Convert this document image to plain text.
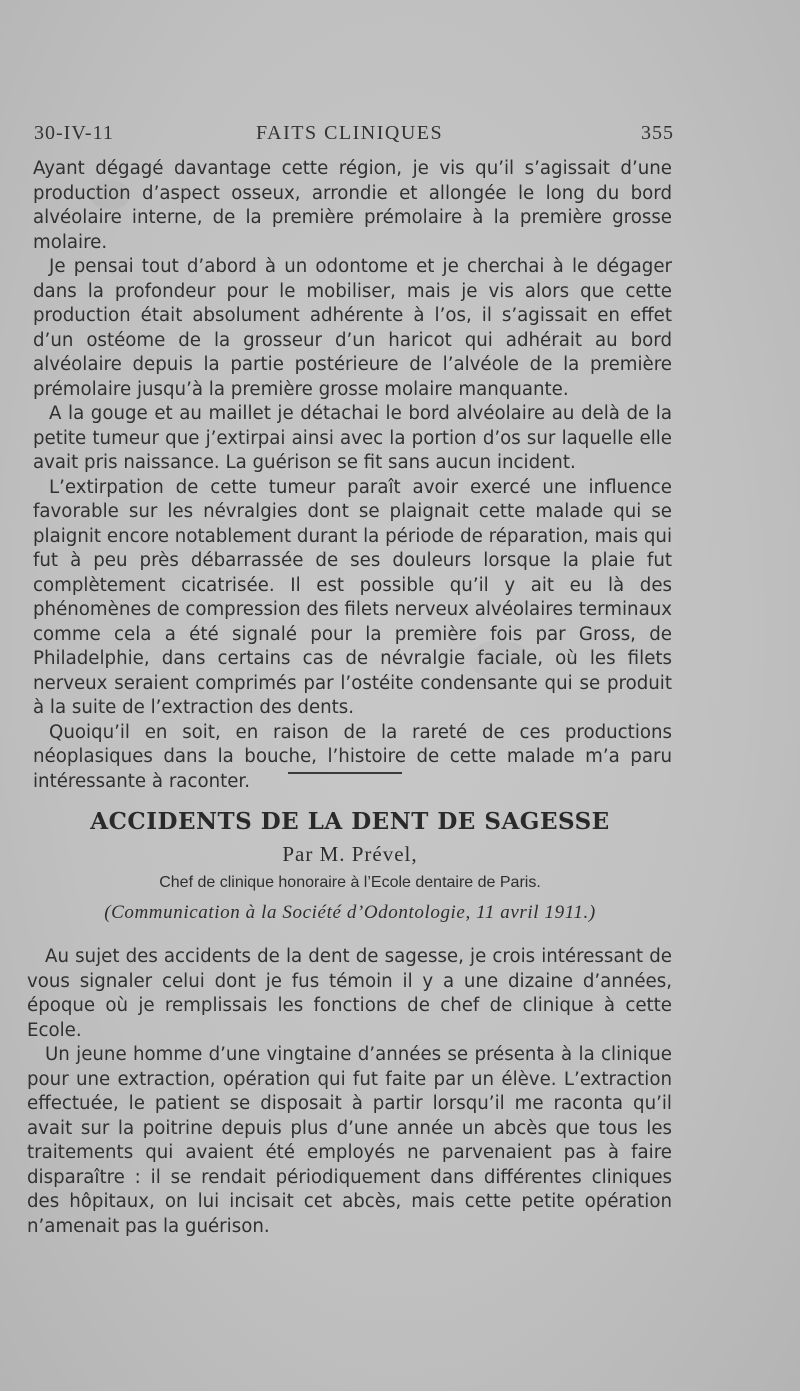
30-IV-11	FAITS CLINIQUES	355

Ayant dégagé davantage cette région, je vis qu’il s’agissait d’une production d’aspect osseux, arrondie et allongée le long du bord alvéolaire interne, de la première prémolaire à la première grosse molaire.

Je pensai tout d’abord à un odontome et je cherchai à le dégager dans la profondeur pour le mobiliser, mais je vis alors que cette production était absolument adhérente à l’os, il s’agissait en effet d’un ostéome de la grosseur d’un haricot qui adhérait au bord alvéolaire depuis la partie postérieure de l’alvéole de la première prémolaire jusqu’à la première grosse molaire manquante.

A la gouge et au maillet je détachai le bord alvéolaire au delà de la petite tumeur que j’extirpai ainsi avec la portion d’os sur laquelle elle avait pris naissance. La guérison se fit sans aucun incident.

L’extirpation de cette tumeur paraît avoir exercé une influence favorable sur les névralgies dont se plaignait cette malade qui se plaignit encore notablement durant la période de réparation, mais qui fut à peu près débarrassée de ses douleurs lorsque la plaie fut complètement cicatrisée. Il est possible qu’il y ait eu là des phénomènes de compression des filets nerveux alvéolaires terminaux comme cela a été signalé pour la première fois par Gross, de Philadelphie, dans certains cas de névralgie faciale, où les filets nerveux seraient comprimés par l’ostéite condensante qui se produit à la suite de l’extraction des dents.

Quoiqu’il en soit, en raison de la rareté de ces productions néoplasiques dans la bouche, l’histoire de cette malade m’a paru intéressante à raconter.

ACCIDENTS DE LA DENT DE SAGESSE
Par M. Prével,
Chef de clinique honoraire à l’Ecole dentaire de Paris.
(Communication à la Société d’Odontologie, 11 avril 1911.)

Au sujet des accidents de la dent de sagesse, je crois intéressant de vous signaler celui dont je fus témoin il y a une dizaine d’années, époque où je remplissais les fonctions de chef de clinique à cette Ecole.

Un jeune homme d’une vingtaine d’années se présenta à la clinique pour une extraction, opération qui fut faite par un élève. L’extraction effectuée, le patient se disposait à partir lorsqu’il me raconta qu’il avait sur la poitrine depuis plus d’une année un abcès que tous les traitements qui avaient été employés ne parvenaient pas à faire disparaître : il se rendait périodiquement dans différentes cliniques des hôpitaux, on lui incisait cet abcès, mais cette petite opération n’amenait pas la guérison.
